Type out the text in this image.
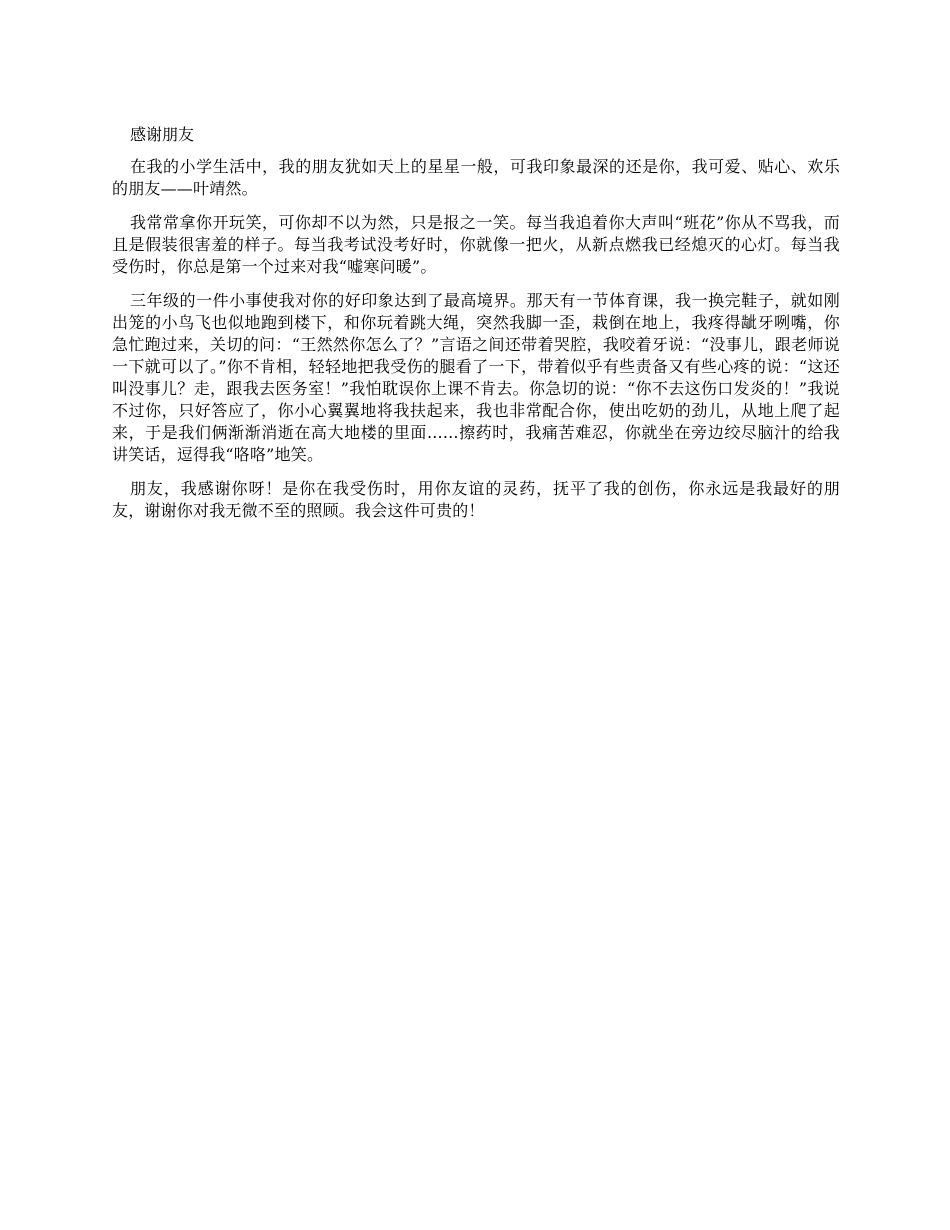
感谢朋友

在我的小学生活中，我的朋友犹如天上的星星一般，可我印象最深的还是你，我可爱、贴心、欢乐的朋友——叶靖然。

我常常拿你开玩笑，可你却不以为然，只是报之一笑。每当我追着你大声叫“班花”你从不骂我，而且是假装很害羞的样子。每当我考试没考好时，你就像一把火，从新点燃我已经熄灭的心灯。每当我受伤时，你总是第一个过来对我“嘘寒问暖”。

三年级的一件小事使我对你的好印象达到了最高境界。那天有一节体育课，我一换完鞋子，就如刚出笼的小鸟飞也似地跑到楼下，和你玩着跳大绳，突然我脚一歪，栽倒在地上，我疼得龇牙咧嘴，你急忙跑过来，关切的问：“王然然你怎么了？”言语之间还带着哭腔，我咬着牙说：“没事儿，跟老师说一下就可以了。”你不肯相，轻轻地把我受伤的腿看了一下，带着似乎有些责备又有些心疼的说：“这还叫没事儿？走，跟我去医务室！”我怕耽误你上课不肯去。你急切的说：“你不去这伤口发炎的！”我说不过你，只好答应了，你小心翼翼地将我扶起来，我也非常配合你，使出吃奶的劲儿，从地上爬了起来，于是我们俩渐渐消逝在高大地楼的里面......擦药时，我痛苦难忍，你就坐在旁边绞尽脑汁的给我讲笑话，逗得我“咯咯”地笑。

朋友，我感谢你呀！是你在我受伤时，用你友谊的灵药，抚平了我的创伤，你永远是我最好的朋友，谢谢你对我无微不至的照顾。我会这件可贵的！
